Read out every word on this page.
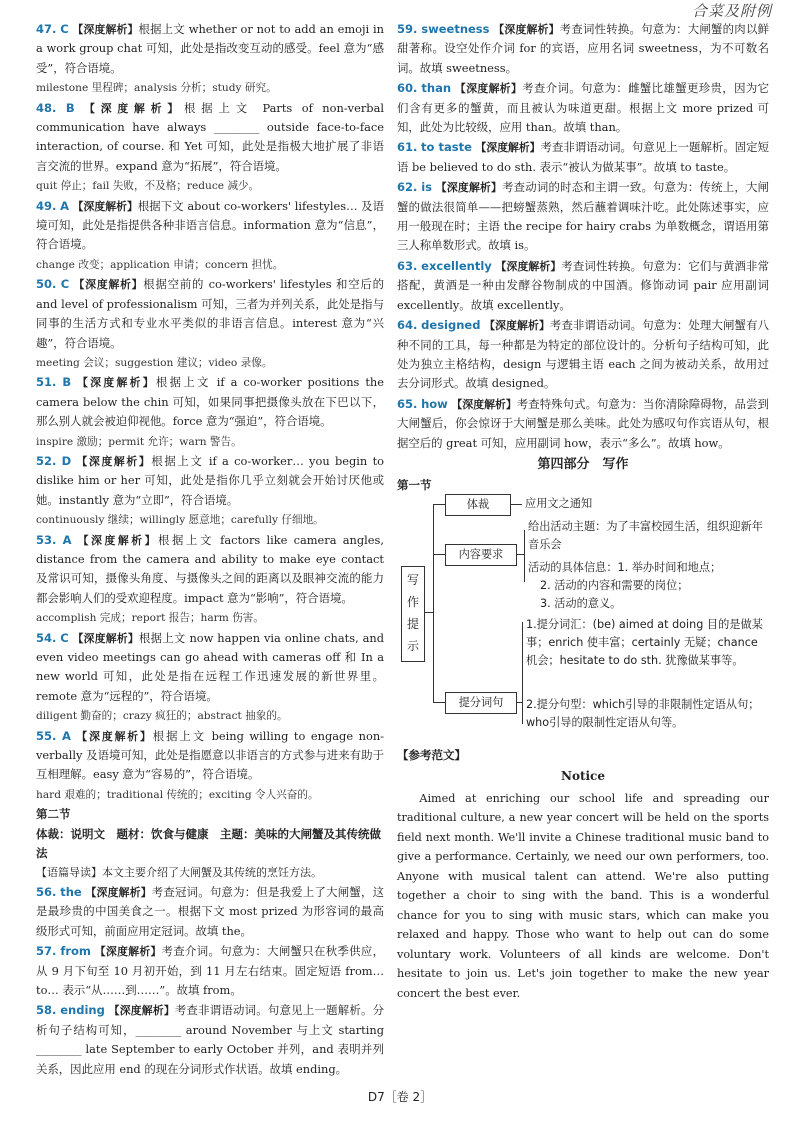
合菜及附例
47. C 【深度解析】根据上文 whether or not to add an emoji in a work group chat 可知，此处是指改变互动的感受。feel 意为“感受”，符合语境。
milestone 里程碑；analysis 分析；study 研究。
48. B 【深度解析】根据上文 Parts of non-verbal communication have always ________ outside face-to-face interaction, of course. 和 Yet 可知，此处是指极大地扩展了非语言交流的世界。expand 意为“拓展”，符合语境。
quit 停止；fail 失败，不及格；reduce 减少。
49. A 【深度解析】根据下文 about co-workers' lifestyles… 及语境可知，此处是指提供各种非语言信息。information 意为“信息”，符合语境。
change 改变；application 申请；concern 担忧。
50. C 【深度解析】根据空前的 co-workers' lifestyles 和空后的 and level of professionalism 可知，三者为并列关系，此处是指与同事的生活方式和专业水平类似的非语言信息。interest 意为“兴趣”，符合语境。
meeting 会议；suggestion 建议；video 录像。
51. B 【深度解析】根据上文 if a co-worker positions the camera below the chin 可知，如果同事把摄像头放在下巴以下，那么别人就会被迫仰视他。force 意为“强迫”，符合语境。
inspire 激励；permit 允许；warn 警告。
52. D 【深度解析】根据上文 if a co-worker… you begin to dislike him or her 可知，此处是指你几乎立刻就会开始讨厌他或她。instantly 意为“立即”，符合语境。
continuously 继续；willingly 愿意地；carefully 仔细地。
53. A 【深度解析】根据上文 factors like camera angles, distance from the camera and ability to make eye contact 及常识可知，摄像头角度、与摄像头之间的距离以及眼神交流的能力都会影响人们的受欢迎程度。impact 意为“影响”，符合语境。
accomplish 完成；report 报告；harm 伤害。
54. C 【深度解析】根据上文 now happen via online chats, and even video meetings can go ahead with cameras off 和 In a new world 可知，此处是指在远程工作迅速发展的新世界里。remote 意为“远程的”，符合语境。
diligent 勤奋的；crazy 疯狂的；abstract 抽象的。
55. A 【深度解析】根据上文 being willing to engage non-verbally 及语境可知，此处是指愿意以非语言的方式参与进来有助于互相理解。easy 意为“容易的”，符合语境。
hard 艰难的；traditional 传统的；exciting 令人兴奋的。
第二节
体裁：说明文　题材：饮食与健康　主题：美味的大闸蟹及其传统做法
【语篇导读】本文主要介绍了大闸蟹及其传统的烹饪方法。
56. the 【深度解析】考查冠词。句意为：但是我爱上了大闸蟹，这是最珍贵的中国美食之一。根据下文 most prized 为形容词的最高级形式可知，前面应用定冠词。故填 the。
57. from 【深度解析】考查介词。句意为：大闸蟹只在秋季供应，从 9 月下旬至 10 月初开始，到 11 月左右结束。固定短语 from… to… 表示“从……到……”。故填 from。
58. ending 【深度解析】考查非谓语动词。句意见上一题解析。分析句子结构可知，________ around November 与上文 starting ________ late September to early October 并列，and 表明并列关系，因此应用 end 的现在分词形式作状语。故填 ending。
59. sweetness 【深度解析】考查词性转换。句意为：大闸蟹的肉以鲜甜著称。设空处作介词 for 的宾语，应用名词 sweetness，为不可数名词。故填 sweetness。
60. than 【深度解析】考查介词。句意为：雌蟹比雄蟹更珍贵，因为它们含有更多的蟹黄，而且被认为味道更甜。根据上文 more prized 可知，此处为比较级，应用 than。故填 than。
61. to taste 【深度解析】考查非谓语动词。句意见上一题解析。固定短语 be believed to do sth. 表示“被认为做某事”。故填 to taste。
62. is 【深度解析】考查动词的时态和主谓一致。句意为：传统上，大闸蟹的做法很简单——把螃蟹蒸熟，然后蘸着调味汁吃。此处陈述事实，应用一般现在时；主语 the recipe for hairy crabs 为单数概念，谓语用第三人称单数形式。故填 is。
63. excellently 【深度解析】考查词性转换。句意为：它们与黄酒非常搭配，黄酒是一种由发酵谷物制成的中国酒。修饰动词 pair 应用副词 excellently。故填 excellently。
64. designed 【深度解析】考查非谓语动词。句意为：处理大闸蟹有八种不同的工具，每一种都是为特定的部位设计的。分析句子结构可知，此处为独立主格结构，design 与逻辑主语 each 之间为被动关系，故用过去分词形式。故填 designed。
65. how 【深度解析】考查特殊句式。句意为：当你清除障碍物，品尝到大闸蟹后，你会惊讶于大闸蟹是那么美味。此处为感叹句作宾语从句，根据空后的 great 可知，应用副词 how，表示“多么”。故填 how。
第四部分　写作
第一节
写作提示
体裁	应用文之通知
内容要求
给出活动主题：为了丰富校园生活，组织迎新年音乐会
活动的具体信息：1. 举办时间和地点；
2. 活动的内容和需要的岗位；
3. 活动的意义。
提分词句
1.提分词汇：(be) aimed at doing 目的是做某事；enrich 使丰富；certainly 无疑；chance 机会；hesitate to do sth. 犹豫做某事等。
2.提分句型：which引导的非限制性定语从句；who引导的限制性定语从句等。
【参考范文】
Notice
Aimed at enriching our school life and spreading our traditional culture, a new year concert will be held on the sports field next month. We'll invite a Chinese traditional music band to give a performance. Certainly, we need our own performers, too. Anyone with musical talent can attend. We're also putting together a choir to sing with the band. This is a wonderful chance for you to sing with music stars, which can make you relaxed and happy. Those who want to help out can do some voluntary work. Volunteers of all kinds are welcome. Don't hesitate to join us. Let's join together to make the new year concert the best ever.
D7［卷 2］
